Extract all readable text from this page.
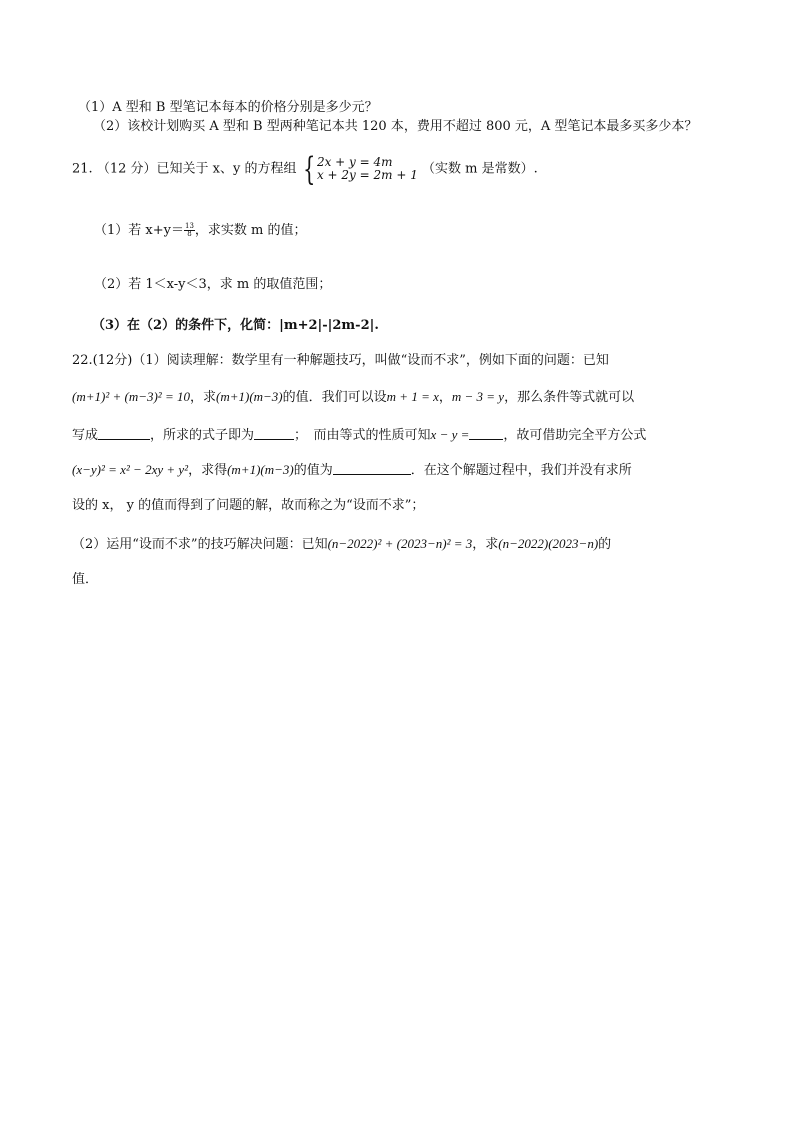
（1）A 型和 B 型笔记本每本的价格分别是多少元？
（2）该校计划购买 A 型和 B 型两种笔记本共 120 本，费用不超过 800 元，A 型笔记本最多买多少本？
21. （12 分）已知关于 x、y 的方程组 { 2x + y = 4m
x + 2y = 2m + 1 （实数 m 是常数）.
（1）若 $x+y= \frac{13}{8}$ ，求实数 m 的值；
（2）若 1＜x-y＜3，求 m 的取值范围；
（3）在（2）的条件下，化简：|m+2|-|2m-2|.
22.(12分)（1）阅读理解：数学里有一种解题技巧，叫做“设而不求”，例如下面的问题：已知
(m+1)² + (m−3)² = 10，求(m+1)(m−3)的值．我们可以设m + 1 = x，m − 3 = y，那么条件等式就可以
写成	，所求的式子即为	；　而由等式的性质可知x − y =	，故可借助完全平方公式
(x−y)² = x² − 2xy + y²，求得(m+1)(m−3)的值为	．在这个解题过程中，我们并没有求所
设的 x， y 的值而得到了问题的解，故而称之为“设而不求”；
（2）运用“设而不求”的技巧解决问题：已知(n−2022)² + (2023−n)² = 3，求(n−2022)(2023−n)的
值．
